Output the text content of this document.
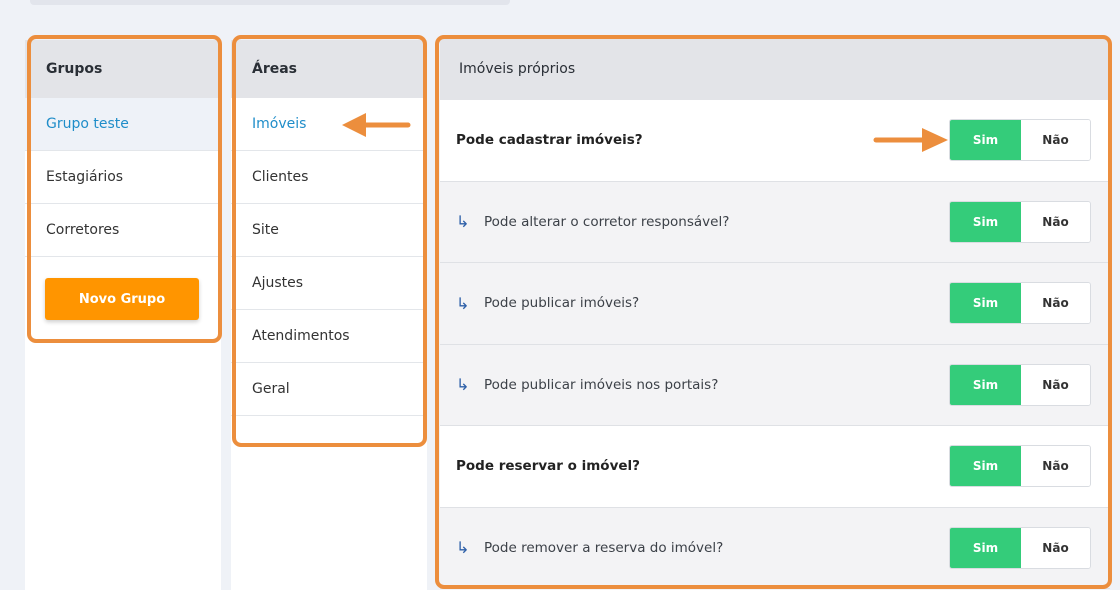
Grupos
Grupo teste
Estagiários
Corretores
Novo Grupo
Áreas
Imóveis
Clientes
Site
Ajustes
Atendimentos
Geral
Imóveis próprios
Pode cadastrar imóveis?	Sim	Não
↳ Pode alterar o corretor responsável?	Sim	Não
↳ Pode publicar imóveis?	Sim	Não
↳ Pode publicar imóveis nos portais?	Sim	Não
Pode reservar o imóvel?	Sim	Não
↳ Pode remover a reserva do imóvel?	Sim	Não
